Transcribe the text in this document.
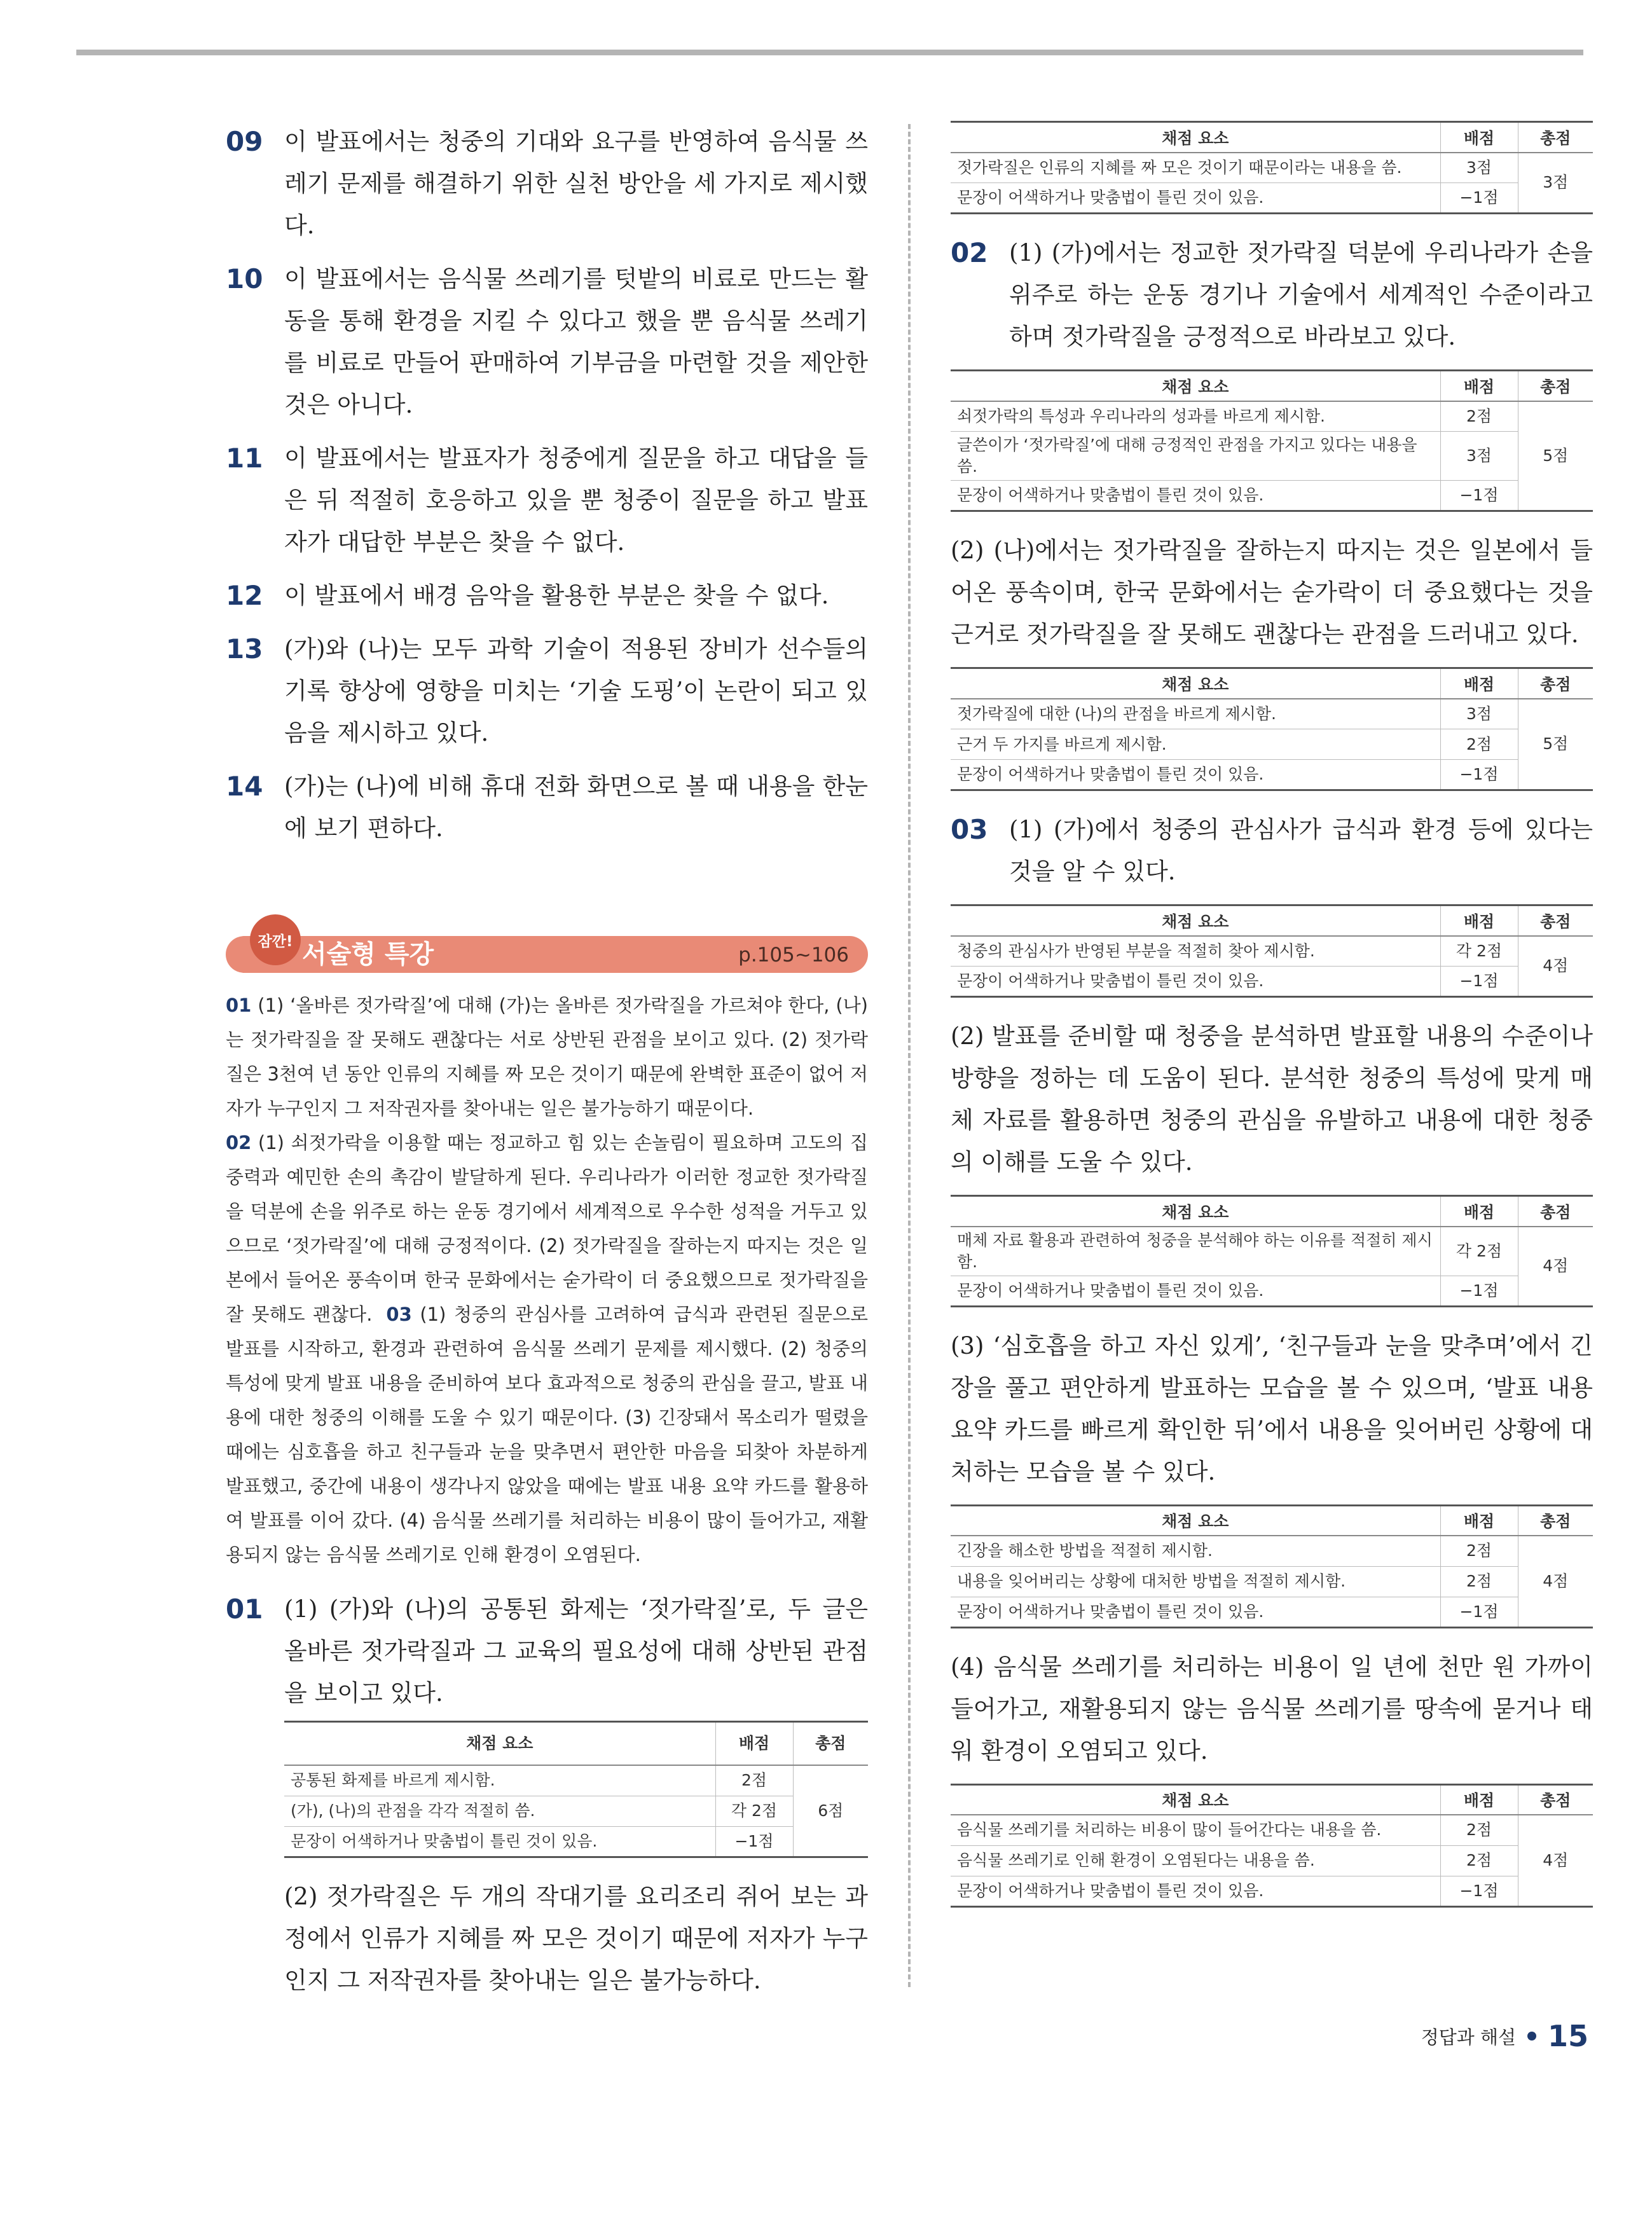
09 이 발표에서는 청중의 기대와 요구를 반영하여 음식물 쓰레기 문제를 해결하기 위한 실천 방안을 세 가지로 제시했다.

10 이 발표에서는 음식물 쓰레기를 텃밭의 비료로 만드는 활동을 통해 환경을 지킬 수 있다고 했을 뿐 음식물 쓰레기를 비료로 만들어 판매하여 기부금을 마련할 것을 제안한 것은 아니다.

11 이 발표에서는 발표자가 청중에게 질문을 하고 대답을 들은 뒤 적절히 호응하고 있을 뿐 청중이 질문을 하고 발표자가 대답한 부분은 찾을 수 없다.

12 이 발표에서 배경 음악을 활용한 부분은 찾을 수 없다.

13 (가)와 (나)는 모두 과학 기술이 적용된 장비가 선수들의 기록 향상에 영향을 미치는 ‘기술 도핑’이 논란이 되고 있음을 제시하고 있다.

14 (가)는 (나)에 비해 휴대 전화 화면으로 볼 때 내용을 한눈에 보기 편하다.

잠깐! 서술형 특강	p.105~106
01 (1) ‘올바른 젓가락질’에 대해 (가)는 올바른 젓가락질을 가르쳐야 한다, (나)는 젓가락질을 잘 못해도 괜찮다는 서로 상반된 관점을 보이고 있다. (2) 젓가락질은 3천여 년 동안 인류의 지혜를 짜 모은 것이기 때문에 완벽한 표준이 없어 저자가 누구인지 그 저작권자를 찾아내는 일은 불가능하기 때문이다.
02 (1) 쇠젓가락을 이용할 때는 정교하고 힘 있는 손놀림이 필요하며 고도의 집중력과 예민한 손의 촉감이 발달하게 된다. 우리나라가 이러한 정교한 젓가락질을 덕분에 손을 위주로 하는 운동 경기에서 세계적으로 우수한 성적을 거두고 있으므로 ‘젓가락질’에 대해 긍정적이다. (2) 젓가락질을 잘하는지 따지는 것은 일본에서 들어온 풍속이며 한국 문화에서는 숟가락이 더 중요했으므로 젓가락질을 잘 못해도 괜찮다. 03 (1) 청중의 관심사를 고려하여 급식과 관련된 질문으로 발표를 시작하고, 환경과 관련하여 음식물 쓰레기 문제를 제시했다. (2) 청중의 특성에 맞게 발표 내용을 준비하여 보다 효과적으로 청중의 관심을 끌고, 발표 내용에 대한 청중의 이해를 도울 수 있기 때문이다. (3) 긴장돼서 목소리가 떨렸을 때에는 심호흡을 하고 친구들과 눈을 맞추면서 편안한 마음을 되찾아 차분하게 발표했고, 중간에 내용이 생각나지 않았을 때에는 발표 내용 요약 카드를 활용하여 발표를 이어 갔다. (4) 음식물 쓰레기를 처리하는 비용이 많이 들어가고, 재활용되지 않는 음식물 쓰레기로 인해 환경이 오염된다.
01 (1) (가)와 (나)의 공통된 화제는 ‘젓가락질’로, 두 글은 올바른 젓가락질과 그 교육의 필요성에 대해 상반된 관점을 보이고 있다.

채점 요소	배점	총점
공통된 화제를 바르게 제시함.	2점	6점
(가), (나)의 관점을 각각 적절히 씀.	각 2점	
문장이 어색하거나 맞춤법이 틀린 것이 있음.	−1점	

(2) 젓가락질은 두 개의 작대기를 요리조리 쥐어 보는 과정에서 인류가 지혜를 짜 모은 것이기 때문에 저자가 누구인지 그 저작권자를 찾아내는 일은 불가능하다.

채점 요소	배점	총점
젓가락질은 인류의 지혜를 짜 모은 것이기 때문이라는 내용을 씀.	3점	3점
문장이 어색하거나 맞춤법이 틀린 것이 있음.	−1점	
02 (1) (가)에서는 정교한 젓가락질 덕분에 우리나라가 손을 위주로 하는 운동 경기나 기술에서 세계적인 수준이라고 하며 젓가락질을 긍정적으로 바라보고 있다.

채점 요소	배점	총점
쇠젓가락의 특성과 우리나라의 성과를 바르게 제시함.	2점	5점
글쓴이가 ‘젓가락질’에 대해 긍정적인 관점을 가지고 있다는 내용을 씀.	3점	
문장이 어색하거나 맞춤법이 틀린 것이 있음.	−1점	

(2) (나)에서는 젓가락질을 잘하는지 따지는 것은 일본에서 들어온 풍속이며, 한국 문화에서는 숟가락이 더 중요했다는 것을 근거로 젓가락질을 잘 못해도 괜찮다는 관점을 드러내고 있다.

채점 요소	배점	총점
젓가락질에 대한 (나)의 관점을 바르게 제시함.	3점	5점
근거 두 가지를 바르게 제시함.	2점	
문장이 어색하거나 맞춤법이 틀린 것이 있음.	−1점	
03 (1) (가)에서 청중의 관심사가 급식과 환경 등에 있다는 것을 알 수 있다.

채점 요소	배점	총점
청중의 관심사가 반영된 부분을 적절히 찾아 제시함.	각 2점	4점
문장이 어색하거나 맞춤법이 틀린 것이 있음.	−1점	

(2) 발표를 준비할 때 청중을 분석하면 발표할 내용의 수준이나 방향을 정하는 데 도움이 된다. 분석한 청중의 특성에 맞게 매체 자료를 활용하면 청중의 관심을 유발하고 내용에 대한 청중의 이해를 도울 수 있다.

채점 요소	배점	총점
매체 자료 활용과 관련하여 청중을 분석해야 하는 이유를 적절히 제시함.	각 2점	4점
문장이 어색하거나 맞춤법이 틀린 것이 있음.	−1점	

(3) ‘심호흡을 하고 자신 있게’, ‘친구들과 눈을 맞추며’에서 긴장을 풀고 편안하게 발표하는 모습을 볼 수 있으며, ‘발표 내용 요약 카드를 빠르게 확인한 뒤’에서 내용을 잊어버린 상황에 대처하는 모습을 볼 수 있다.

채점 요소	배점	총점
긴장을 해소한 방법을 적절히 제시함.	2점	4점
내용을 잊어버리는 상황에 대처한 방법을 적절히 제시함.	2점	
문장이 어색하거나 맞춤법이 틀린 것이 있음.	−1점	

(4) 음식물 쓰레기를 처리하는 비용이 일 년에 천만 원 가까이 들어가고, 재활용되지 않는 음식물 쓰레기를 땅속에 묻거나 태워 환경이 오염되고 있다.

채점 요소	배점	총점
음식물 쓰레기를 처리하는 비용이 많이 들어간다는 내용을 씀.	2점	4점
음식물 쓰레기로 인해 환경이 오염된다는 내용을 씀.	2점	
문장이 어색하거나 맞춤법이 틀린 것이 있음.	−1점	
정답과 해설 15
